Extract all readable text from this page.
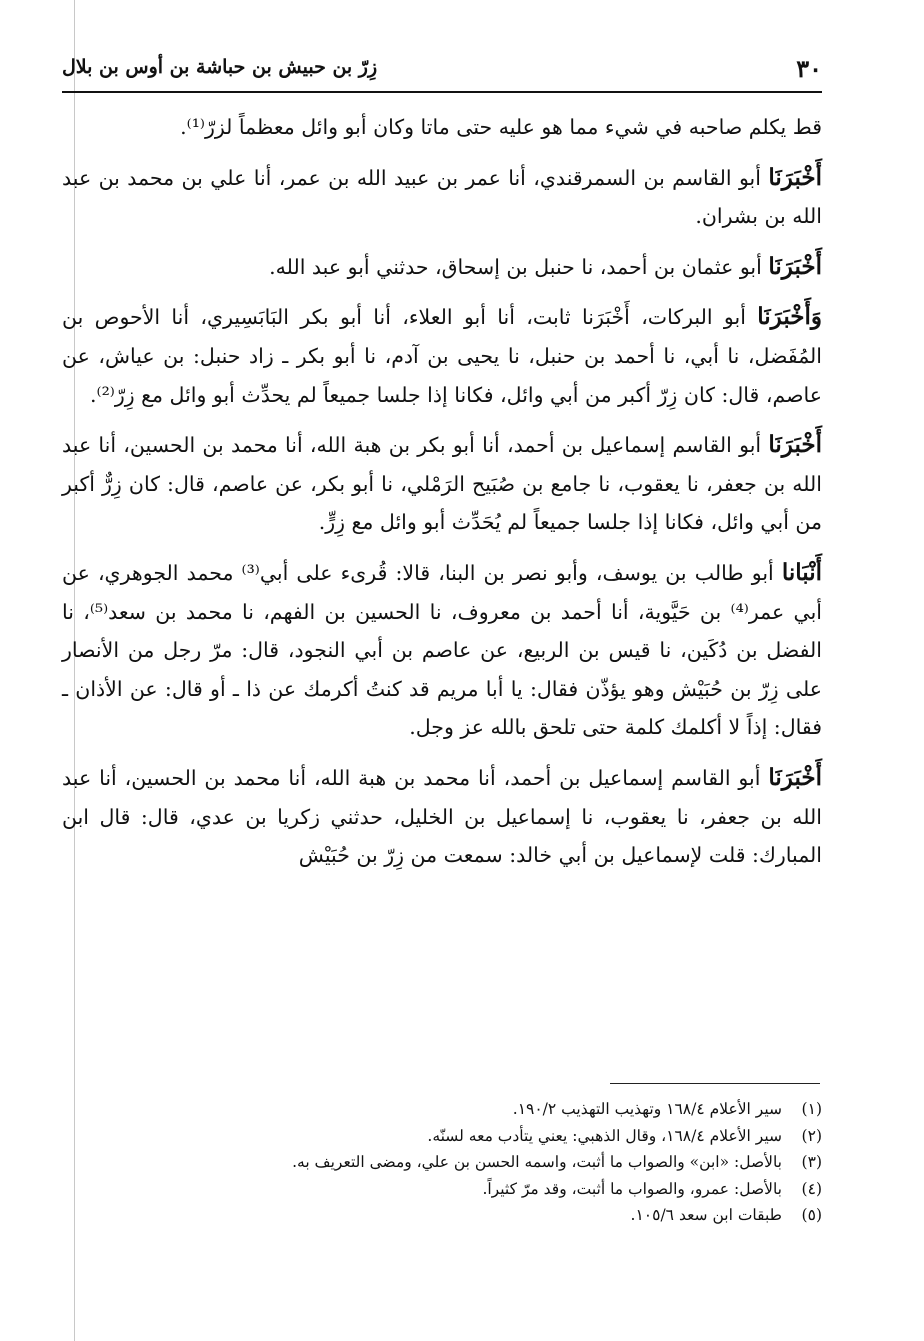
٣٠
زِرّ بن حبيش بن حباشة بن أوس بن بلال

قط يكلم صاحبه في شيء مما هو عليه حتى ماتا وكان أبو وائل معظماً لزرّ⁽¹⁾.

أَخْبَرَنَا أبو القاسم بن السمرقندي، أنا عمر بن عبيد الله بن عمر، أنا علي بن محمد بن عبد الله بن بشران.

أَخْبَرَنَا أبو عثمان بن أحمد، نا حنبل بن إسحاق، حدثني أبو عبد الله.

وَأَخْبَرَنَا أبو البركات، أَخْبَرَنا ثابت، أنا أبو العلاء، أنا أبو بكر البَابَسِيري، أنا الأحوص بن المُفَضل، نا أبي، نا أحمد بن حنبل، نا يحيى بن آدم، نا أبو بكر ـ زاد حنبل: بن عياش، عن عاصم، قال: كان زِرّ أكبر من أبي وائل، فكانا إذا جلسا جميعاً لم يحدِّث أبو وائل مع زِرّ⁽²⁾.

أَخْبَرَنَا أبو القاسم إسماعيل بن أحمد، أنا أبو بكر بن هبة الله، أنا محمد بن الحسين، أنا عبد الله بن جعفر، نا يعقوب، نا جامع بن صُبَيح الرَمْلي، نا أبو بكر، عن عاصم، قال: كان زِرٌّ أكبر من أبي وائل، فكانا إذا جلسا جميعاً لم يُحَدِّث أبو وائل مع زِرٍّ.

أَنْبَانا أبو طالب بن يوسف، وأبو نصر بن البنا، قالا: قُرىء على أبي⁽³⁾ محمد الجوهري، عن أبي عمر⁽⁴⁾ بن حَيَّوية، أنا أحمد بن معروف، نا الحسين بن الفهم، نا محمد بن سعد⁽⁵⁾، نا الفضل بن دُكَين، نا قيس بن الربيع، عن عاصم بن أبي النجود، قال: مرّ رجل من الأنصار على زِرّ بن حُبَيْش وهو يؤذّن فقال: يا أبا مريم قد كنتُ أكرمك عن ذا ـ أو قال: عن الأذان ـ فقال: إذاً لا أكلمك كلمة حتى تلحق بالله عز وجل.

أَخْبَرَنَا أبو القاسم إسماعيل بن أحمد، أنا محمد بن هبة الله، أنا محمد بن الحسين، أنا عبد الله بن جعفر، نا يعقوب، نا إسماعيل بن الخليل، حدثني زكريا بن عدي، قال: قال ابن المبارك: قلت لإسماعيل بن أبي خالد: سمعت من زِرّ بن حُبَيْش

(١)سير الأعلام ١٦٨/٤ وتهذيب التهذيب ١٩٠/٢.

(٢)سير الأعلام ١٦٨/٤، وقال الذهبي: يعني يتأدب معه لسنّه.

(٣)بالأصل: «ابن» والصواب ما أثبت، واسمه الحسن بن علي، ومضى التعريف به.

(٤)بالأصل: عمرو، والصواب ما أثبت، وقد مرّ كثيراً.

(٥)طبقات ابن سعد ١٠٥/٦.
